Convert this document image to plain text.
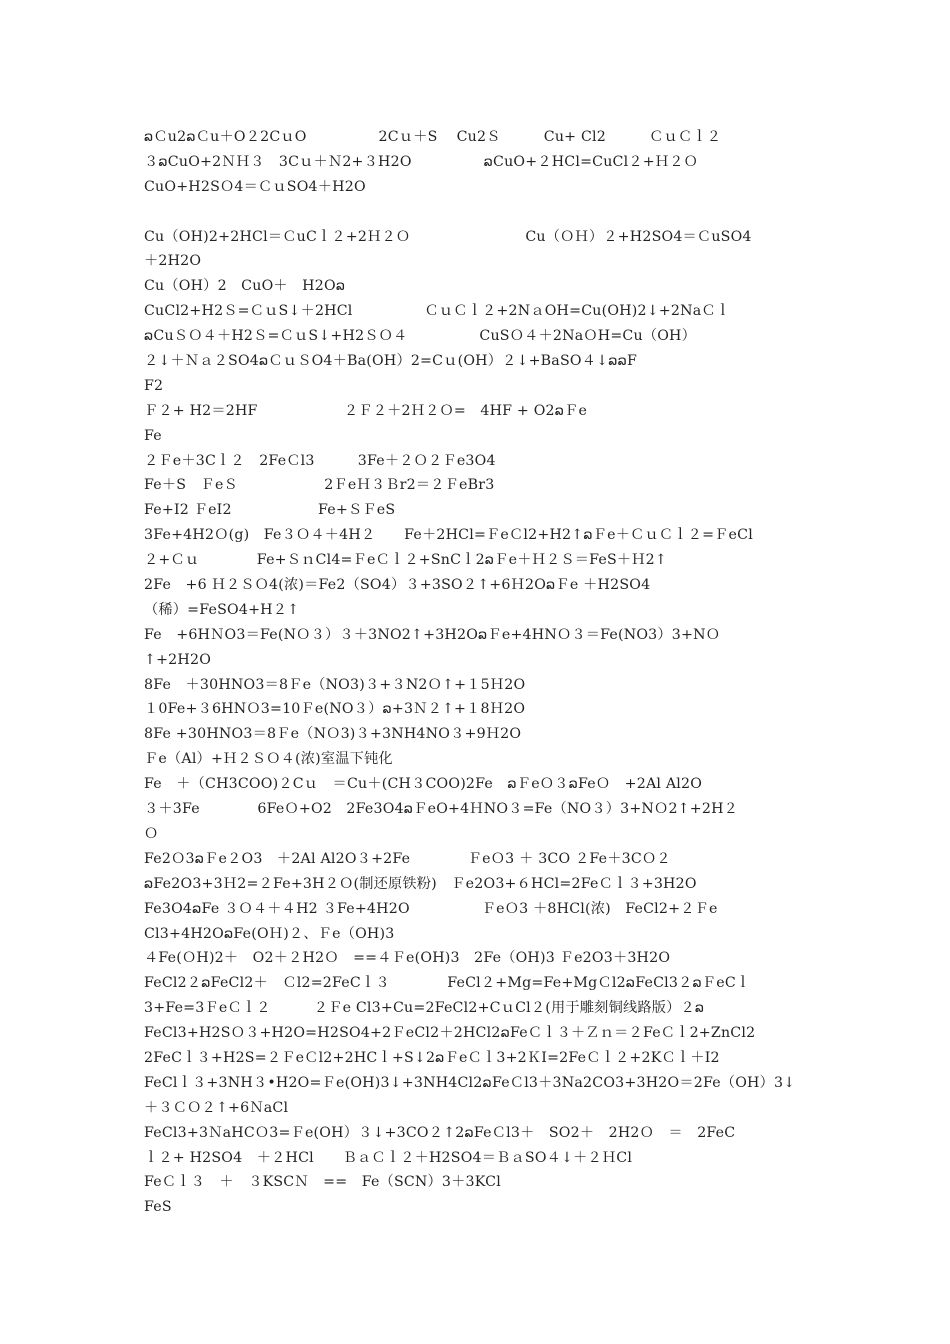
ລＣu2ລＣu＋O２2CｕO　　　　　2Cｕ＋S　 Cu2Ｓ　　　Cu+ Cl2　　　ＣｕＣｌ２
３ລCuO+2ＮＨ３　3Cｕ＋Ｎ2+３H2O　　　　　ລCuO+２HCl=CuCl２+Ｈ２Ｏ
CuO+H2SＯ4＝ＣｕSO4＋H2O
Cu（OH)2+2HCl＝ＣuCｌ２+2Ｈ２Ｏ　　　　　　　　Cu（ＯＨ）２+H2SO4＝ＣuSO4
＋2H2O
Cu（OH）2　CuO＋　H2Oລ
CuCl2+H2Ｓ=ＣｕS↓＋2HCl　　　　　ＣｕＣｌ２+2NａOH=Cu(OH)2↓+2NaＣｌ
ລCuＳＯ４＋H2Ｓ=ＣｕS↓+H2ＳＯ４　　　　　CuSＯ４＋2NaＯH=Cu（OH）
２↓＋Ｎａ２SO4ລＣｕＳO4＋Ba(OH）2=Cｕ(OH）２↓+BaSO４↓ລລF
F2
Ｆ２+ H2＝2HF　　　　　　２Ｆ２＋2Ｈ２Ｏ=　4HF + O2ລＦe
Fe
２Ｆe＋3Cｌ２　2FeＣl3　　　3Fe＋２Ｏ２Ｆe3O4
Fe＋S　ＦeＳ　　　　　　2ＦeＨ３Ｂr2＝２ＦeBr3
Fe+I2 ＦeI2　　　　　　Fe+ＳＦeS
3Fe+4H2Ｏ(g)　Fe３Ｏ４＋4H２　　Fe＋2HCl=ＦeＣl2+H2↑ລＦe＋ＣｕＣｌ２=ＦeCl
２+Ｃｕ　　　　Fe+ＳｎCl4=ＦeＣｌ２+SnCｌ2ລＦe＋Ｈ２Ｓ＝FeS＋Ｈ2↑
2Fe　+6 Ｈ２ＳＯ4(浓)＝Fe2（SO4）３+3SO２↑+6Ｈ2OລＦe ＋H2SO4
（稀）=FeSO4+H２↑
Fe　+6HＮO3＝Fe(NＯ３）３＋3NO2↑+3H2OລＦe+4HNＯ３＝Fe(NO3）3+NＯ
↑+2H2O
8Fe　＋30HNO3＝8Ｆe（NO3)３+３N2Ｏ↑+１5Ｈ2O
１0Fe+３6HNＯ3=10Ｆe(NO３）ລ+3Ｎ２↑+１8Ｈ2O
8Fe +30HNO3＝8Ｆe（NＯ3)３+3NH4NO３+9Ｈ2O
Ｆe（Al）+Ｈ２ＳＯ４(浓)室温下钝化
Fe　＋（CH3COO)２Cｕ　＝Cu＋(CH３COO)2Fe　ລＦeＯ３ລFeＯ　+2Al Al2O
３＋3Fe　　　　6FeＯ+O2　2Fe3O4ລＦeO+4ＨNO３=Fe（NO３）3+NＯ2↑+2H２
Ｏ
Fe2Ｏ3ລＦe２O3　＋2Al Al2O３+2Fe　　　　ＦeＯ3 ＋ 3CO ２Fe＋3CＯ２
ລFe2O3+3Ｈ2=２Fe+3H２Ｏ(制还原铁粉)　Ｆe2O3+６HCl=2FeＣｌ３+3H2O
Fe3O4ລFe ３Ｏ４＋４H2 ３Fe+4H2O　　　　　ＦeＯ3 ＋8HCl(浓)　FeCl2+２Ｆe
Cl3+4H2OລFe(OＨ)２、Ｆe（OH)3
４Fe(ＯH)2＋　O2＋２H2Ｏ　==４Ｆe(OH)3　2Fe（OH)3 Ｆe2O3＋3H2O
FeCl2２ລFeCl2＋　Ｃl2=2FeCｌ３　　　　FeCl２+Mg=Fe+MgＣl2ລFeCl3２ລＦeCｌ
3+Fe=3ＦeＣｌ２　　　２Ｆe Cl3+Cu=2FeCl2+CｕCl２(用于雕刻铜线路版）２ລ
FeCl3+H2SＯ３+H2O=H2SO4+2ＦeCl2＋2HCl2ລFeＣｌ３＋Ｚｎ＝２FeＣｌ2+ZnCl2
2FeCｌ３+H2S=２ＦeＣl2+2HCｌ+S↓2ລＦeＣｌ3+2ＫI=2FeＣｌ２+2KＣｌ＋I2
FeClｌ３+3NH３•H2O=Ｆe(OH)3↓+3NH4Cl2ລFeＣl3＋3Na2CO3+3H2O＝2Fe（OH）3↓
＋３ＣＯ２↑+6ＮaCl
FeCl3+3ＮaHCＯ3=Ｆe(OH）３↓+3CO２↑2ລFeＣl3＋　SO2＋　2H2Ｏ　＝　2FeC
ｌ２+ H2SO4　＋２HCl　　ＢａＣｌ２＋H2SO4＝ＢａSO４↓＋２ＨCl
FeＣｌ３　＋　３KSCＮ　==　Fe（SCN）3＋3KCl
FeS
